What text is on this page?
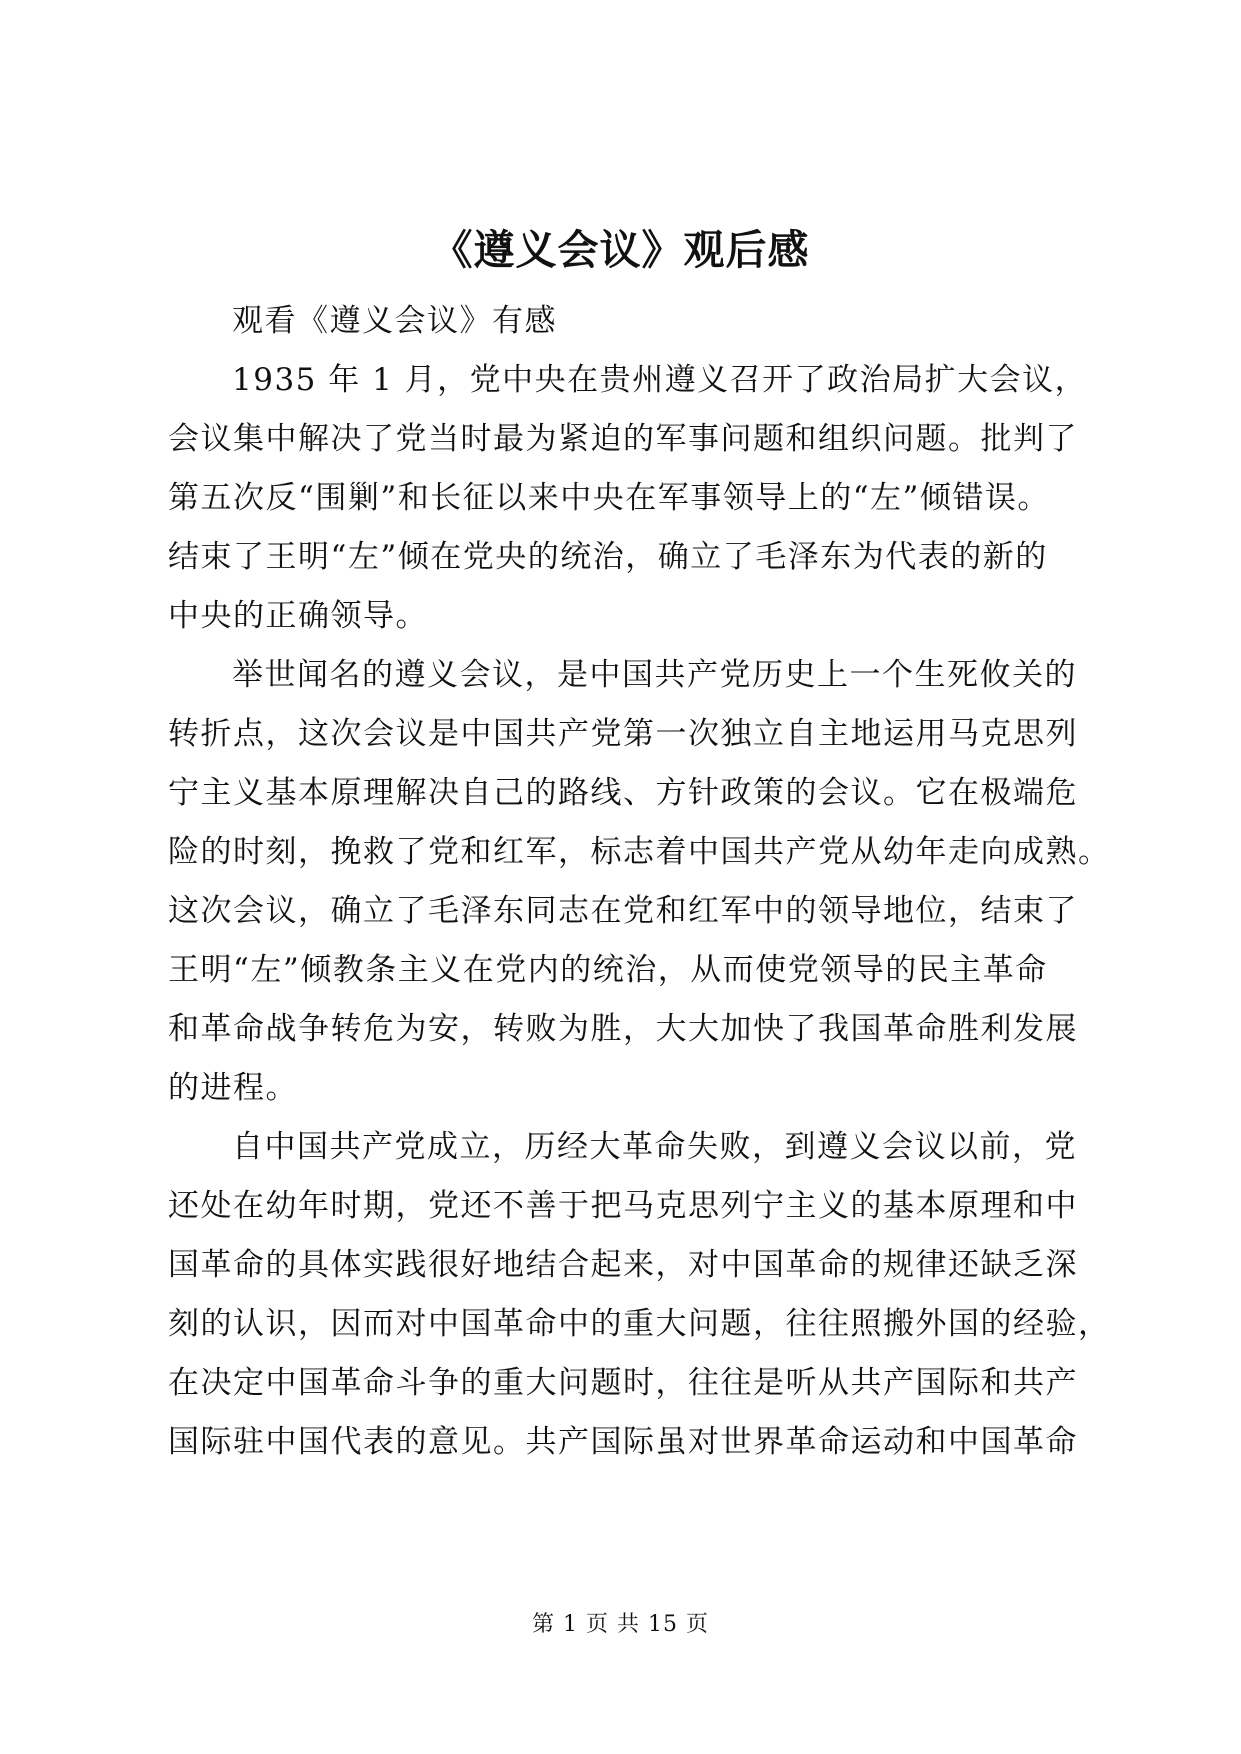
《遵义会议》观后感
观看《遵义会议》有感
1935 年 1 月，党中央在贵州遵义召开了政治局扩大会议，
会议集中解决了党当时最为紧迫的军事问题和组织问题。批判了
第五次反“围剿”和长征以来中央在军事领导上的“左”倾错误。
结束了王明“左”倾在党央的统治，确立了毛泽东为代表的新的
中央的正确领导。
举世闻名的遵义会议，是中国共产党历史上一个生死攸关的
转折点，这次会议是中国共产党第一次独立自主地运用马克思列
宁主义基本原理解决自己的路线、方针政策的会议。它在极端危
险的时刻，挽救了党和红军，标志着中国共产党从幼年走向成熟。
这次会议，确立了毛泽东同志在党和红军中的领导地位，结束了
王明“左”倾教条主义在党内的统治，从而使党领导的民主革命
和革命战争转危为安，转败为胜，大大加快了我国革命胜利发展
的进程。
自中国共产党成立，历经大革命失败，到遵义会议以前，党
还处在幼年时期，党还不善于把马克思列宁主义的基本原理和中
国革命的具体实践很好地结合起来，对中国革命的规律还缺乏深
刻的认识，因而对中国革命中的重大问题，往往照搬外国的经验，
在决定中国革命斗争的重大问题时，往往是听从共产国际和共产
国际驻中国代表的意见。共产国际虽对世界革命运动和中国革命
第 1 页 共 15 页
